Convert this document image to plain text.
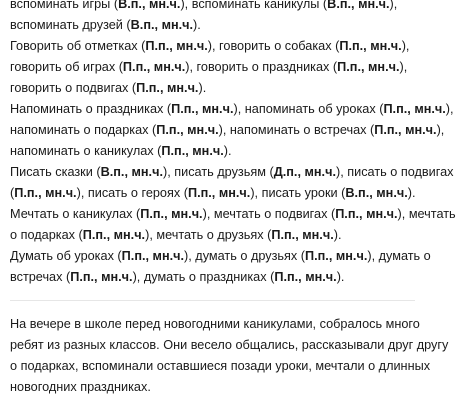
вспоминать игры (В.п., мн.ч.), вспоминать каникулы (В.п., мн.ч.),
вспоминать друзей (В.п., мн.ч.).
Говорить об отметках (П.п., мн.ч.), говорить о собаках (П.п., мн.ч.),
говорить об играх (П.п., мн.ч.), говорить о праздниках (П.п., мн.ч.),
говорить о подвигах (П.п., мн.ч.).
Напоминать о праздниках (П.п., мн.ч.), напоминать об уроках (П.п., мн.ч.),
напоминать о подарках (П.п., мн.ч.), напоминать о встречах (П.п., мн.ч.),
напоминать о каникулах (П.п., мн.ч.).
Писать сказки (В.п., мн.ч.), писать друзьям (Д.п., мн.ч.), писать о подвигах
(П.п., мн.ч.), писать о героях (П.п., мн.ч.), писать уроки (В.п., мн.ч.).
Мечтать о каникулах (П.п., мн.ч.), мечтать о подвигах (П.п., мн.ч.), мечтать
о подарках (П.п., мн.ч.), мечтать о друзьях (П.п., мн.ч.).
Думать об уроках (П.п., мн.ч.), думать о друзьях (П.п., мн.ч.), думать о
встречах (П.п., мн.ч.), думать о праздниках (П.п., мн.ч.).
На вечере в школе перед новогодними каникулами, собралось много
ребят из разных классов. Они весело общались, рассказывали друг другу
о подарках, вспоминали оставшиеся позади уроки, мечтали о длинных
новогодних праздниках.
